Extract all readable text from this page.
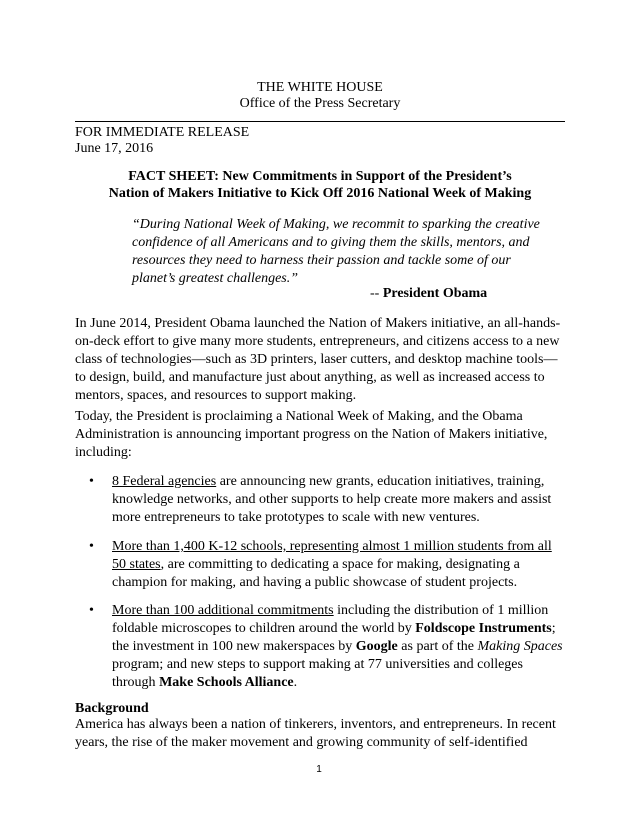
THE WHITE HOUSE
Office of the Press Secretary
FOR IMMEDIATE RELEASE
June 17, 2016
FACT SHEET: New Commitments in Support of the President’s
Nation of Makers Initiative to Kick Off 2016 National Week of Making
“During National Week of Making, we recommit to sparking the creative confidence of all Americans and to giving them the skills, mentors, and resources they need to harness their passion and tackle some of our planet’s greatest challenges.”
-- President Obama
In June 2014, President Obama launched the Nation of Makers initiative, an all-hands-on-deck effort to give many more students, entrepreneurs, and citizens access to a new class of technologies—such as 3D printers, laser cutters, and desktop machine tools—to design, build, and manufacture just about anything, as well as increased access to mentors, spaces, and resources to support making.
Today, the President is proclaiming a National Week of Making, and the Obama Administration is announcing important progress on the Nation of Makers initiative, including:
• 8 Federal agencies are announcing new grants, education initiatives, training, knowledge networks, and other supports to help create more makers and assist more entrepreneurs to take prototypes to scale with new ventures.
• More than 1,400 K-12 schools, representing almost 1 million students from all 50 states, are committing to dedicating a space for making, designating a champion for making, and having a public showcase of student projects.
• More than 100 additional commitments including the distribution of 1 million foldable microscopes to children around the world by Foldscope Instruments; the investment in 100 new makerspaces by Google as part of the Making Spaces program; and new steps to support making at 77 universities and colleges through Make Schools Alliance.
Background
America has always been a nation of tinkerers, inventors, and entrepreneurs. In recent years, the rise of the maker movement and growing community of self-identified
1
